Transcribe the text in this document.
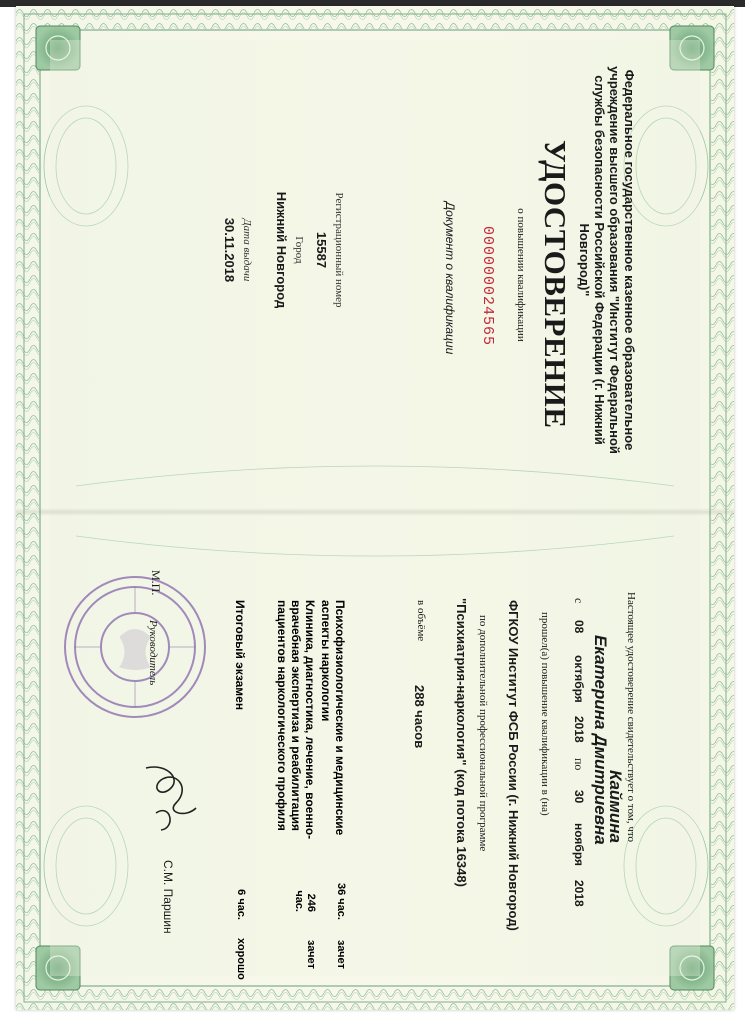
Федеральное государственное казенное образовательное учреждение высшего образования "Институт Федеральной службы безопасности Российской Федерации (г. Нижний Новгород)"
УДОСТОВЕРЕНИЕ
о повышении квалификации
000000024565
Документ о квалификации
Регистрационный номер
15587
Город
Нижний Новгород
Дата выдачи
30.11.2018
Настоящее удостоверение свидетельствует о том, что
Каймина
Екатерина Дмитриевна
с
08
октября
2018
по
30
ноября
2018
прошел(а) повышение квалификации в (на)
ФГКОУ Институт ФСБ России (г. Нижний Новгород)
по дополнительной профессиональной программе
"Психиатрия-наркология" (код потока 16348)
в объёме
288 часов
Психофизиологические и медицинские аспекты наркологии
36 час.
зачет
Клиника, диагностика, лечение, военно-врачебная экспертиза и реабилитация пациентов наркологического профиля
246 час.
зачет
Итоговый экзамен
6 час.
хорошо
М.П.
Руководитель
С.М. Паршин
